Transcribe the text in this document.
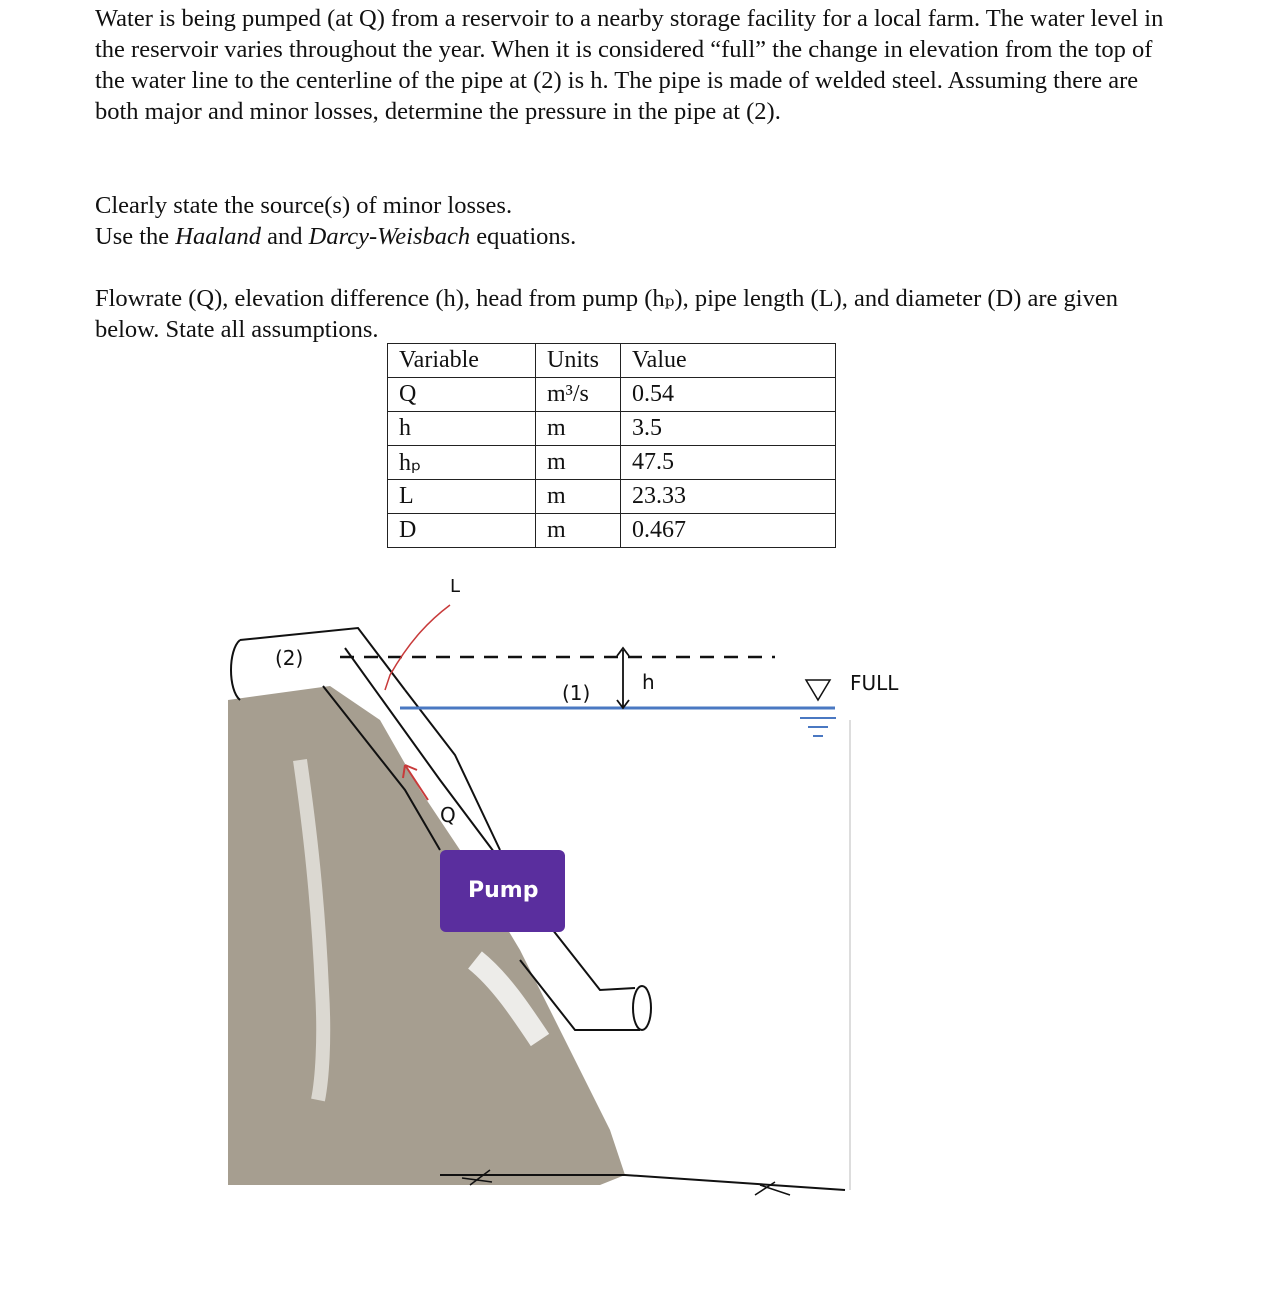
Water is being pumped (at Q) from a reservoir to a nearby storage facility for a local farm. The water level in the reservoir varies throughout the year. When it is considered “full” the change in elevation from the top of the water line to the centerline of the pipe at (2) is h. The pipe is made of welded steel. Assuming there are both major and minor losses, determine the pressure in the pipe at (2).

Clearly state the source(s) of minor losses.
Use the Haaland and Darcy-Weisbach equations.

Flowrate (Q), elevation difference (h), head from pump (hₚ), pipe length (L), and diameter (D) are given below. State all assumptions.

Variable	Units	Value
Q	m³/s	0.54
h	m	3.5
hₚ	m	47.5
L	m	23.33
D	m	0.467
L
(2)
(1)	h	FULL
Q
Pump
